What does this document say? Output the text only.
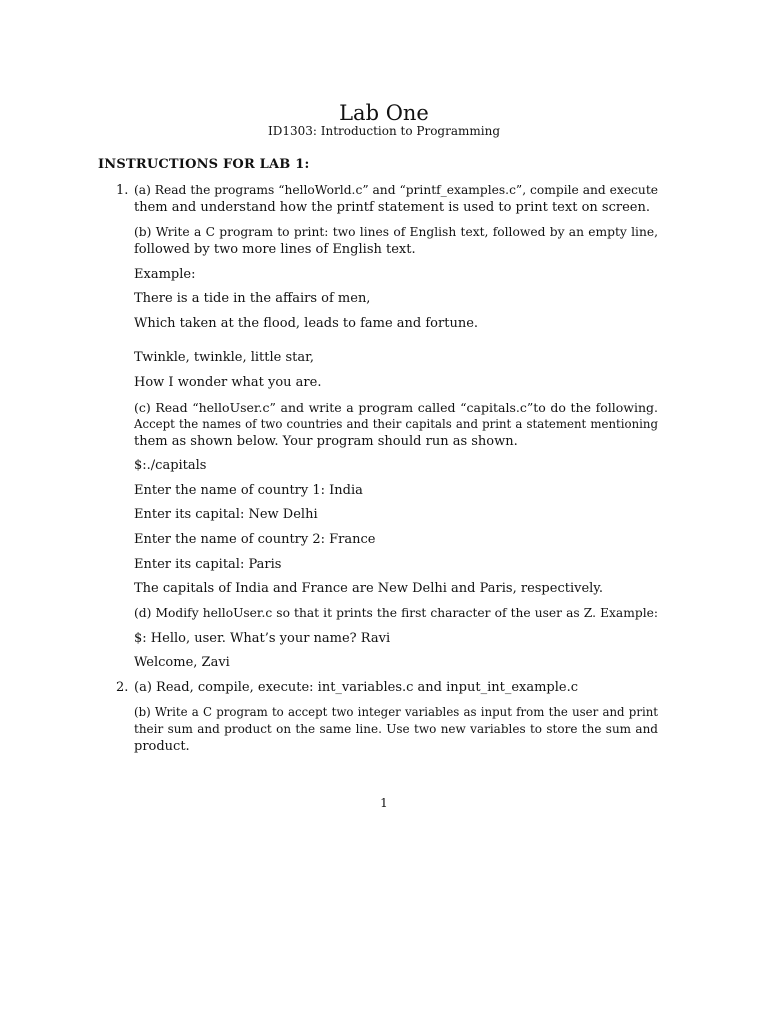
Lab One
ID1303: Introduction to Programming
INSTRUCTIONS FOR LAB 1:
1. (a) Read the programs “helloWorld.c” and “printf_examples.c”, compile and execute
them and understand how the printf statement is used to print text on screen.
(b) Write a C program to print: two lines of English text, followed by an empty line,
followed by two more lines of English text.
Example:
There is a tide in the affairs of men,
Which taken at the flood, leads to fame and fortune.
Twinkle, twinkle, little star,
How I wonder what you are.
(c) Read “helloUser.c” and write a program called “capitals.c”to do the following.
Accept the names of two countries and their capitals and print a statement mentioning
them as shown below. Your program should run as shown.
$:./capitals
Enter the name of country 1: India
Enter its capital: New Delhi
Enter the name of country 2: France
Enter its capital: Paris
The capitals of India and France are New Delhi and Paris, respectively.
(d) Modify helloUser.c so that it prints the first character of the user as Z. Example:
$: Hello, user. What’s your name? Ravi
Welcome, Zavi
2. (a) Read, compile, execute: int_variables.c and input_int_example.c
(b) Write a C program to accept two integer variables as input from the user and print
their sum and product on the same line. Use two new variables to store the sum and
product.
1
